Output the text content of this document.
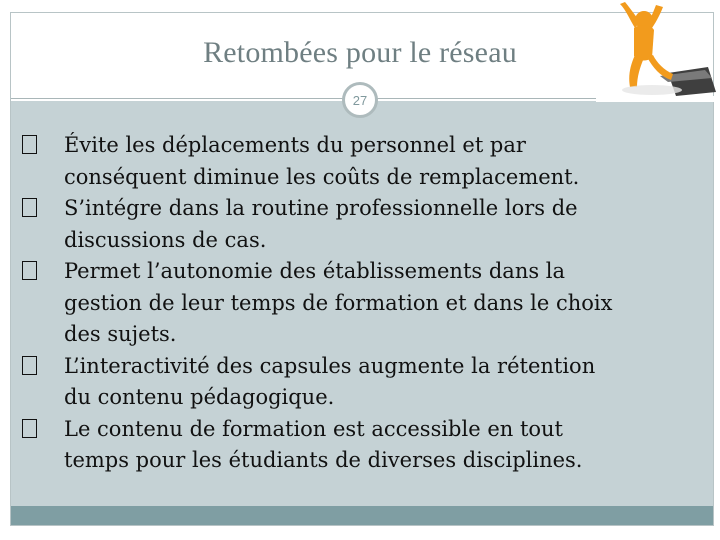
Retombées pour le réseau
27
Évite les déplacements du personnel et par
conséquent diminue les coûts de remplacement.
S’intégre dans la routine professionnelle lors de
discussions de cas.
Permet l’autonomie des établissements dans la
gestion de leur temps de formation et dans le choix
des sujets.
L’interactivité des capsules augmente la rétention
du contenu pédagogique.
Le contenu de formation est accessible en tout
temps pour les étudiants de diverses disciplines.
